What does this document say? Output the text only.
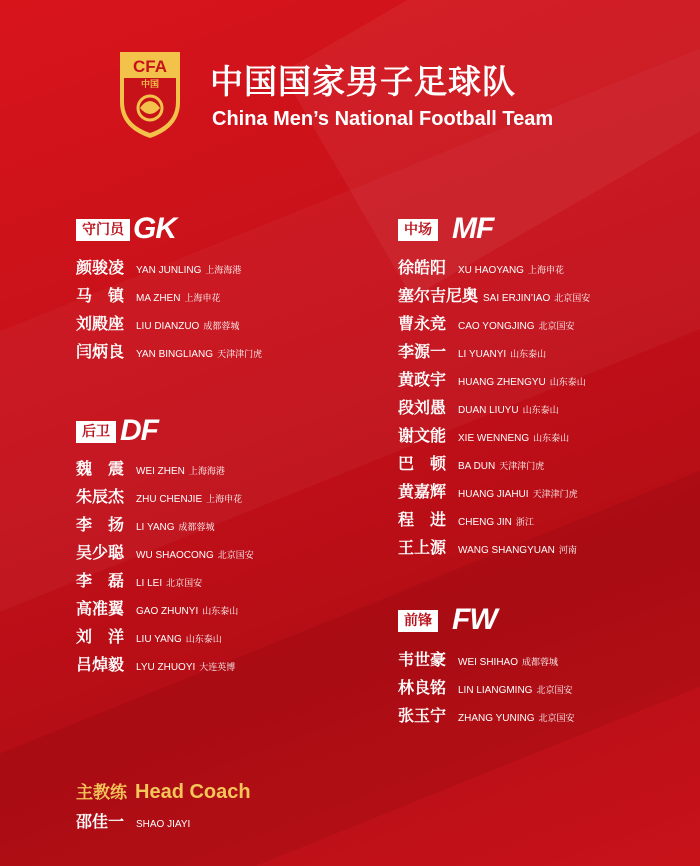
CFA
中国 中国国家男子足球队
China Men’s National Football Team
守门员 GK
颜骏凌 YAN JUNLING 上海海港
马　镇 MA ZHEN 上海申花
刘殿座 LIU DIANZUO 成都蓉城
闫炳良 YAN BINGLIANG 天津津门虎
后卫 DF
魏　震 WEI ZHEN 上海海港
朱辰杰 ZHU CHENJIE 上海申花
李　扬 LI YANG 成都蓉城
吴少聪 WU SHAOCONG 北京国安
李　磊 LI LEI 北京国安
高准翼 GAO ZHUNYI 山东泰山
刘　洋 LIU YANG 山东泰山
吕焯毅 LYU ZHUOYI 大连英博
中场 MF
徐皓阳 XU HAOYANG 上海申花
塞尔吉尼奥 SAI ERJIN’IAO 北京国安
曹永竞 CAO YONGJING 北京国安
李源一 LI YUANYI 山东泰山
黄政宇 HUANG ZHENGYU 山东泰山
段刘愚 DUAN LIUYU 山东泰山
谢文能 XIE WENNENG 山东泰山
巴　顿 BA DUN 天津津门虎
黄嘉辉 HUANG JIAHUI 天津津门虎
程　进 CHENG JIN 浙江
王上源 WANG SHANGYUAN 河南
前锋 FW
韦世豪 WEI SHIHAO 成都蓉城
林良铭 LIN LIANGMING 北京国安
张玉宁 ZHANG YUNING 北京国安
主教练 Head Coach
邵佳一 SHAO JIAYI
